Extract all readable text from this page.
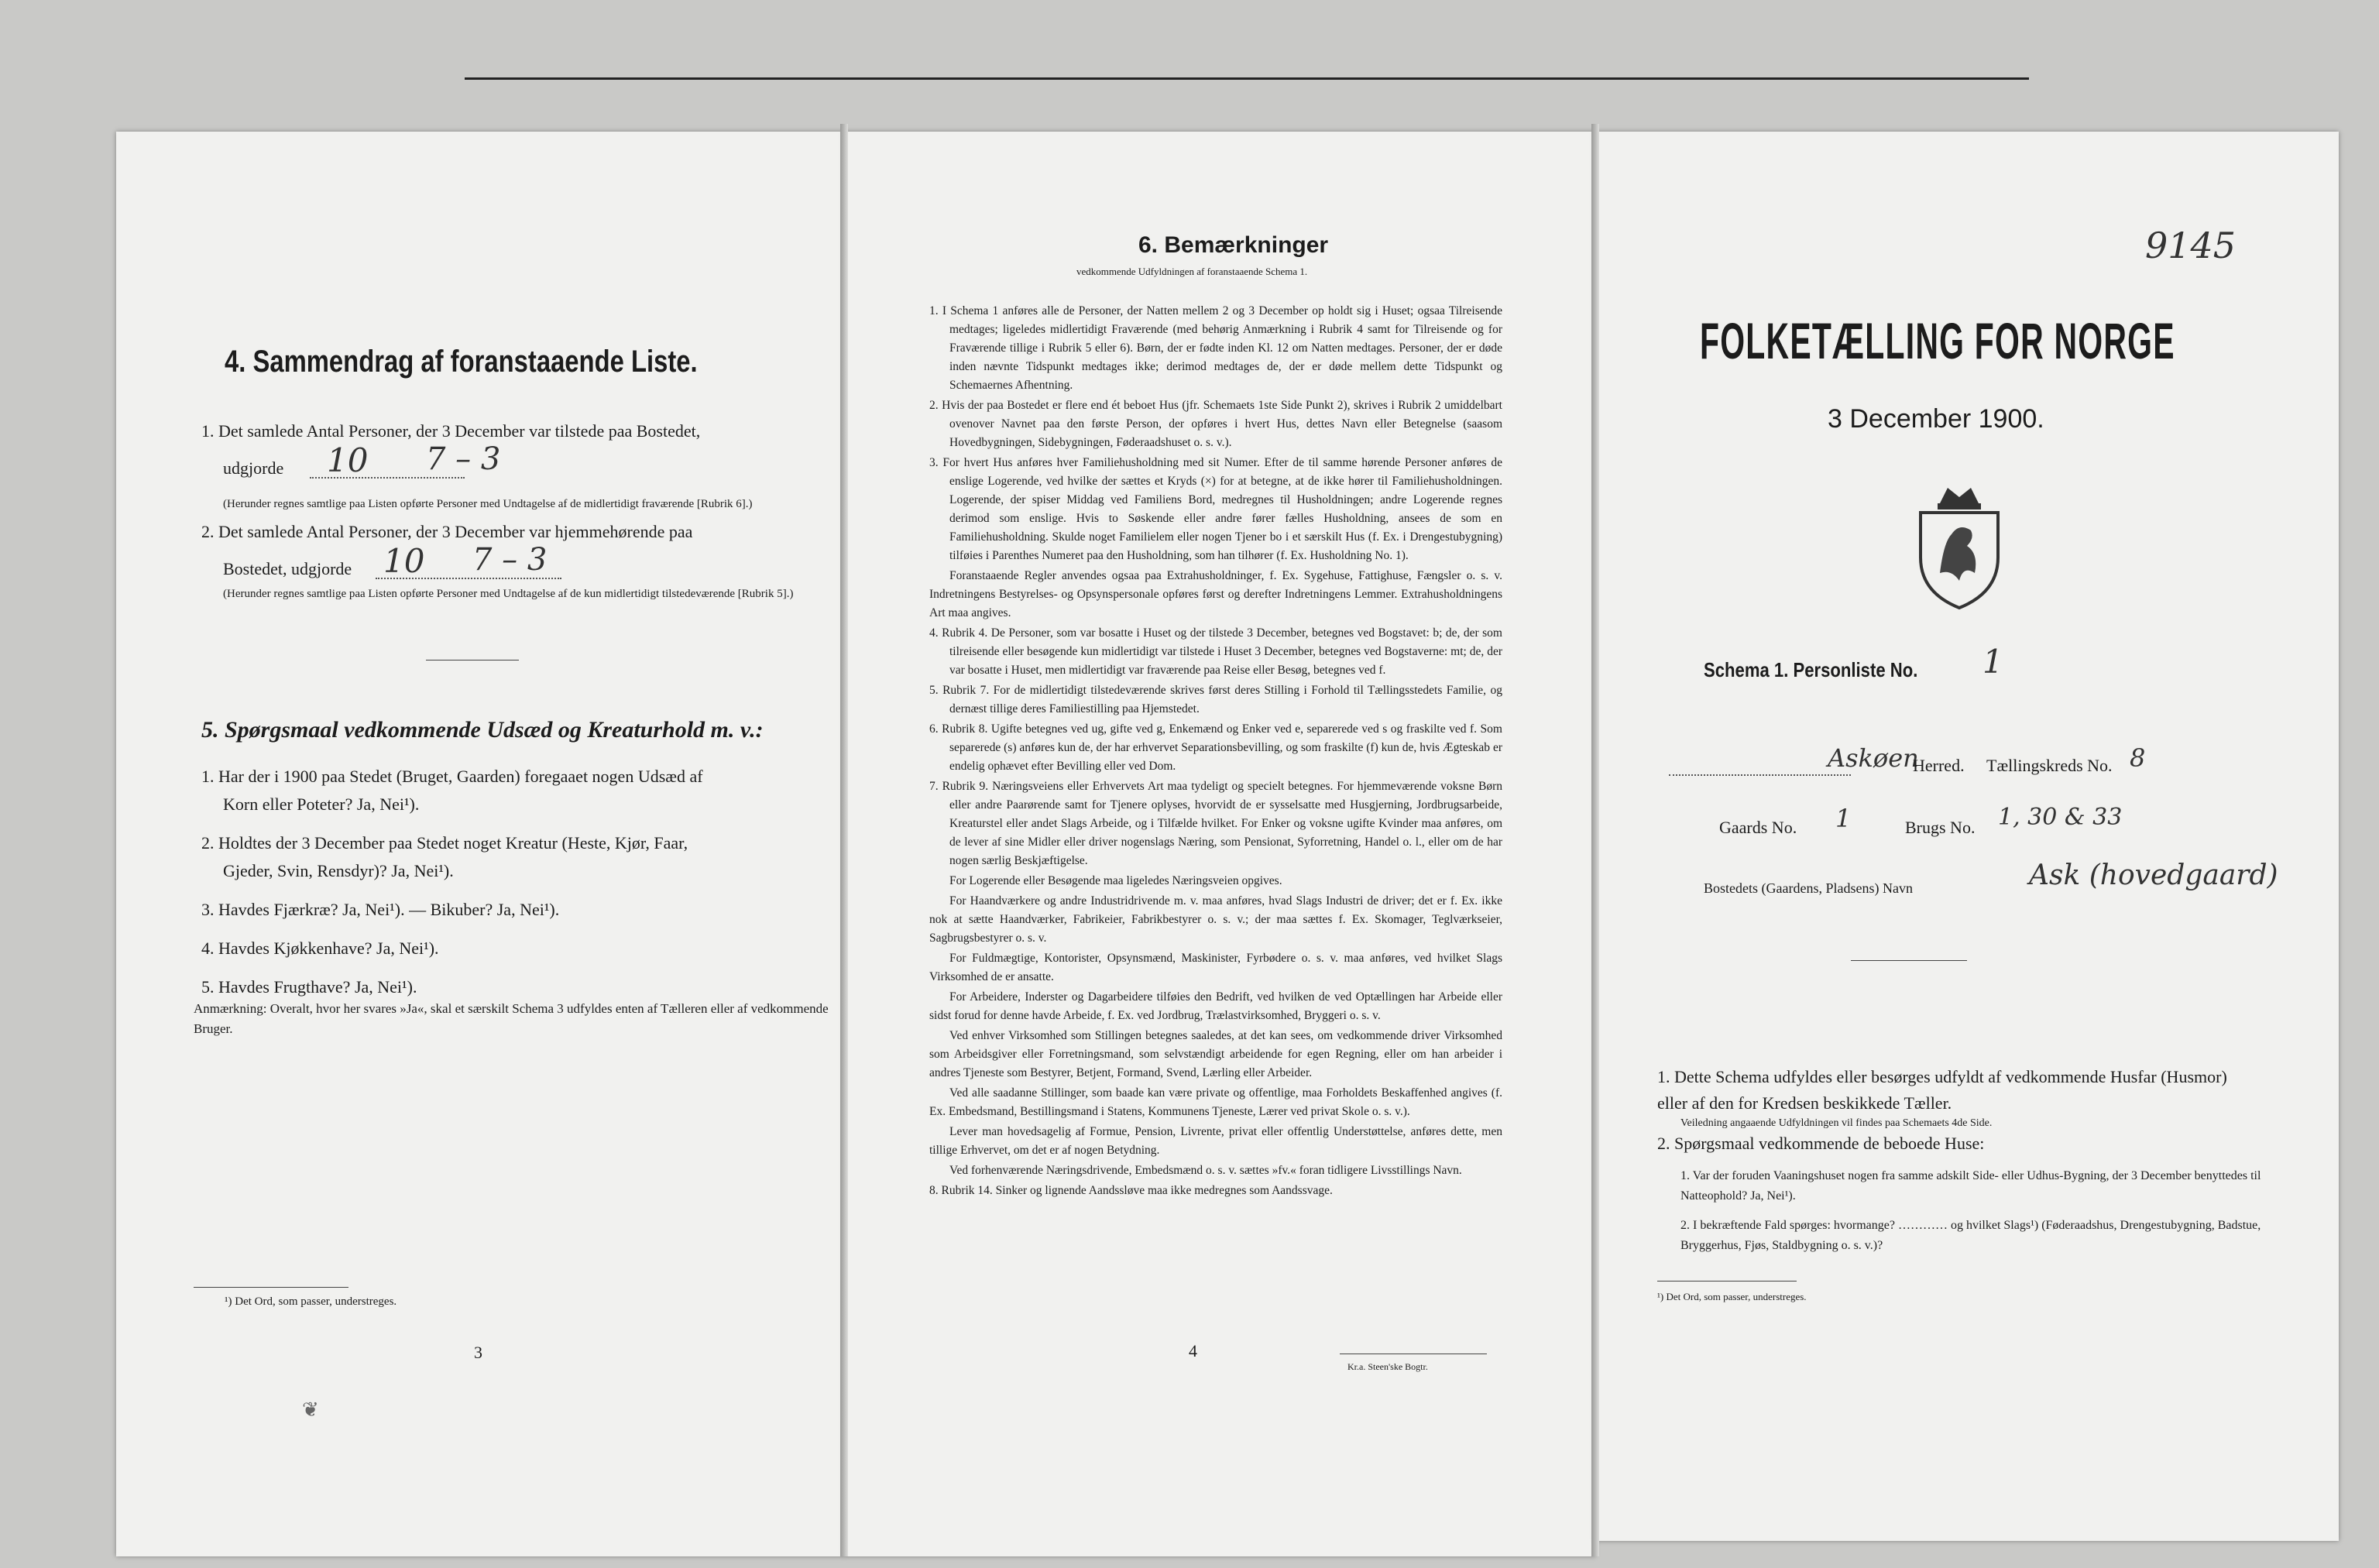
4. Sammendrag af foranstaaende Liste.
1. Det samlede Antal Personer, der 3 December var tilstede paa Bostedet,
udgjorde 10 7 – 3
(Herunder regnes samtlige paa Listen opførte Personer med Undtagelse af de midlertidigt fraværende [Rubrik 6].)
2. Det samlede Antal Personer, der 3 December var hjemmehørende paa
Bostedet, udgjorde 10 7 – 3
(Herunder regnes samtlige paa Listen opførte Personer med Undtagelse af de kun midlertidigt tilstedeværende [Rubrik 5].)
5. Spørgsmaal vedkommende Udsæd og Kreaturhold m. v.:
1. Har der i 1900 paa Stedet (Bruget, Gaarden) foregaaet nogen Udsæd af
Korn eller Poteter? Ja, Nei¹).
2. Holdtes der 3 December paa Stedet noget Kreatur (Heste, Kjør, Faar,
Gjeder, Svin, Rensdyr)? Ja, Nei¹).
3. Havdes Fjærkræ? Ja, Nei¹). — Bikuber? Ja, Nei¹).
4. Havdes Kjøkkenhave? Ja, Nei¹).
5. Havdes Frugthave? Ja, Nei¹).
Anmærkning: Overalt, hvor her svares »Ja«, skal et særskilt Schema 3 udfyldes enten af Tælleren eller af vedkommende Bruger.
¹) Det Ord, som passer, understreges.
3
❦
6. Bemærkninger
vedkommende Udfyldningen af foranstaaende Schema 1.

1. I Schema 1 anføres alle de Personer, der Natten mellem 2 og 3 December op holdt sig i Huset; ogsaa Tilreisende medtages; ligeledes midlertidigt Fraværende (med behørig Anmærkning i Rubrik 4 samt for Tilreisende og for Fraværende tillige i Rubrik 5 eller 6). Børn, der er fødte inden Kl. 12 om Natten medtages. Personer, der er døde inden nævnte Tidspunkt medtages ikke; derimod medtages de, der er døde mellem dette Tidspunkt og Schemaernes Afhentning.

2. Hvis der paa Bostedet er flere end ét beboet Hus (jfr. Schemaets 1ste Side Punkt 2), skrives i Rubrik 2 umiddelbart ovenover Navnet paa den første Person, der opføres i hvert Hus, dettes Navn eller Betegnelse (saasom Hovedbygningen, Sidebygningen, Føderaadshuset o. s. v.).

3. For hvert Hus anføres hver Familiehusholdning med sit Numer. Efter de til samme hørende Personer anføres de enslige Logerende, ved hvilke der sættes et Kryds (×) for at betegne, at de ikke hører til Familiehusholdningen. Logerende, der spiser Middag ved Familiens Bord, medregnes til Husholdningen; andre Logerende regnes derimod som enslige. Hvis to Søskende eller andre fører fælles Husholdning, ansees de som en Familiehusholdning. Skulde noget Familielem eller nogen Tjener bo i et særskilt Hus (f. Ex. i Drengestubygning) tilføies i Parenthes Numeret paa den Husholdning, som han tilhører (f. Ex. Husholdning No. 1).

Foranstaaende Regler anvendes ogsaa paa Extrahusholdninger, f. Ex. Sygehuse, Fattighuse, Fængsler o. s. v. Indretningens Bestyrelses- og Opsynspersonale opføres først og derefter Indretningens Lemmer. Extrahusholdningens Art maa angives.

4. Rubrik 4. De Personer, som var bosatte i Huset og der tilstede 3 December, betegnes ved Bogstavet: b; de, der som tilreisende eller besøgende kun midlertidigt var tilstede i Huset 3 December, betegnes ved Bogstaverne: mt; de, der var bosatte i Huset, men midlertidigt var fraværende paa Reise eller Besøg, betegnes ved f.

5. Rubrik 7. For de midlertidigt tilstedeværende skrives først deres Stilling i Forhold til Tællingsstedets Familie, og dernæst tillige deres Familiestilling paa Hjemstedet.

6. Rubrik 8. Ugifte betegnes ved ug, gifte ved g, Enkemænd og Enker ved e, separerede ved s og fraskilte ved f. Som separerede (s) anføres kun de, der har erhvervet Separationsbevilling, og som fraskilte (f) kun de, hvis Ægteskab er endelig ophævet efter Bevilling eller ved Dom.

7. Rubrik 9. Næringsveiens eller Erhvervets Art maa tydeligt og specielt betegnes. For hjemmeværende voksne Børn eller andre Paarørende samt for Tjenere oplyses, hvorvidt de er sysselsatte med Husgjerning, Jordbrugsarbeide, Kreaturstel eller andet Slags Arbeide, og i Tilfælde hvilket. For Enker og voksne ugifte Kvinder maa anføres, om de lever af sine Midler eller driver nogenslags Næring, som Pensionat, Syforretning, Handel o. l., eller om de har nogen særlig Beskjæftigelse.

For Logerende eller Besøgende maa ligeledes Næringsveien opgives.

For Haandværkere og andre Industridrivende m. v. maa anføres, hvad Slags Industri de driver; det er f. Ex. ikke nok at sætte Haandværker, Fabrikeier, Fabrikbestyrer o. s. v.; der maa sættes f. Ex. Skomager, Teglværkseier, Sagbrugsbestyrer o. s. v.

For Fuldmægtige, Kontorister, Opsynsmænd, Maskinister, Fyrbødere o. s. v. maa anføres, ved hvilket Slags Virksomhed de er ansatte.

For Arbeidere, Inderster og Dagarbeidere tilføies den Bedrift, ved hvilken de ved Optællingen har Arbeide eller sidst forud for denne havde Arbeide, f. Ex. ved Jordbrug, Trælastvirksomhed, Bryggeri o. s. v.

Ved enhver Virksomhed som Stillingen betegnes saaledes, at det kan sees, om vedkommende driver Virksomhed som Arbeidsgiver eller Forretningsmand, som selvstændigt arbeidende for egen Regning, eller om han arbeider i andres Tjeneste som Bestyrer, Betjent, Formand, Svend, Lærling eller Arbeider.

Ved alle saadanne Stillinger, som baade kan være private og offentlige, maa Forholdets Beskaffenhed angives (f. Ex. Embedsmand, Bestillingsmand i Statens, Kommunens Tjeneste, Lærer ved privat Skole o. s. v.).

Lever man hovedsagelig af Formue, Pension, Livrente, privat eller offentlig Understøttelse, anføres dette, men tillige Erhvervet, om det er af nogen Betydning.

Ved forhenværende Næringsdrivende, Embedsmænd o. s. v. sættes »fv.« foran tidligere Livsstillings Navn.

8. Rubrik 14. Sinker og lignende Aandssløve maa ikke medregnes som Aandssvage.

4
Kr.a. Steen'ske Bogtr.
9145
FOLKETÆLLING FOR NORGE
3 December 1900.
Schema 1. Personliste No. 1
Askøen
Herred. Tællingskreds No. 8
Gaards No. 1	Brugs No. 1, 30 & 33
Bostedets (Gaardens, Pladsens) Navn	Ask (hovedgaard)
1. Dette Schema udfyldes eller besørges udfyldt af vedkommende Husfar (Husmor) eller af den for Kredsen beskikkede Tæller.
Veiledning angaaende Udfyldningen vil findes paa Schemaets 4de Side.
2. Spørgsmaal vedkommende de beboede Huse:
1. Var der foruden Vaaningshuset nogen fra samme adskilt Side- eller Udhus-Bygning, der 3 December benyttedes til Natteophold? Ja, Nei¹).
2. I bekræftende Fald spørges: hvormange? ………… og hvilket Slags¹) (Føderaadshus, Drengestubygning, Badstue, Bryggerhus, Fjøs, Staldbygning o. s. v.)?
¹) Det Ord, som passer, understreges.
